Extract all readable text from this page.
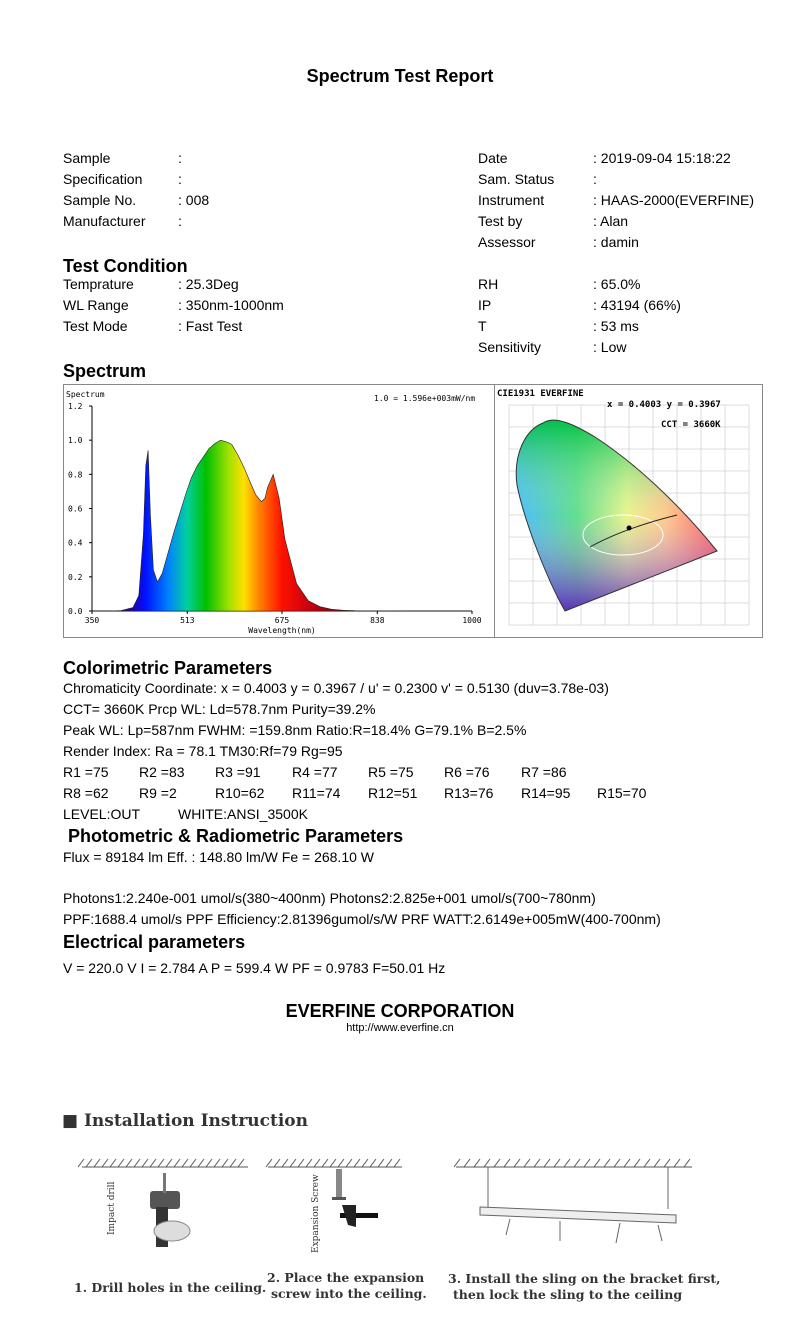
Spectrum Test Report
Sample	:
Specification	:
Sample No.	: 008
Manufacturer :
Date	: 2019-09-04 15:18:22
Sam. Status	:
Instrument	: HAAS-2000(EVERFINE)
Test by	: Alan
Assessor	: damin
Test Condition
Temprature	: 25.3Deg
WL Range	: 350nm-1000nm
Test Mode	: Fast Test
RH	: 65.0%
IP	: 43194 (66%)
T	: 53 ms
Sensitivity	: Low
Spectrum
0.0
0.2
0.4
0.6
0.8
1.0
1.2
350	513	675	838	1000
Spectrum	1.0 = 1.596e+003mW/nm
Wavelength(nm)
CIE1931 EVERFINE
x = 0.4003 y = 0.3967
CCT = 3660K
Colorimetric Parameters
Chromaticity Coordinate: x = 0.4003 y = 0.3967 / u' = 0.2300 v' = 0.5130 (duv=3.78e-03)
CCT= 3660K Prcp WL: Ld=578.7nm Purity=39.2%
Peak WL: Lp=587nm FWHM: =159.8nm Ratio:R=18.4% G=79.1% B=2.5%
Render Index: Ra = 78.1 TM30:Rf=79 Rg=95
R1 =75 R2 =83 R3 =91 R4 =77 R5 =75 R6 =76 R7 =86
R8 =62 R9 =2	R10=62 R11=74 R12=51 R13=76 R14=95 R15=70
LEVEL:OUT	WHITE:ANSI_3500K
Photometric & Radiometric Parameters
Flux = 89184 lm Eff. : 148.80 lm/W Fe = 268.10 W
Photons1:2.240e-001 umol/s(380~400nm) Photons2:2.825e+001 umol/s(700~780nm)
PPF:1688.4 umol/s PPF Efficiency:2.81396gumol/s/W PRF WATT:2.6149e+005mW(400-700nm)
Electrical parameters
V = 220.0 V I = 2.784 A P = 599.4 W PF = 0.9783 F=50.01 Hz
EVERFINE CORPORATION
http://www.everfine.cn
■ Installation Instruction
Impact drill	Expansion Screw
1. Drill holes in the ceiling.
2. Place the expansion
screw into the ceiling.
3. Install the sling on the bracket first,
then lock the sling to the ceiling
